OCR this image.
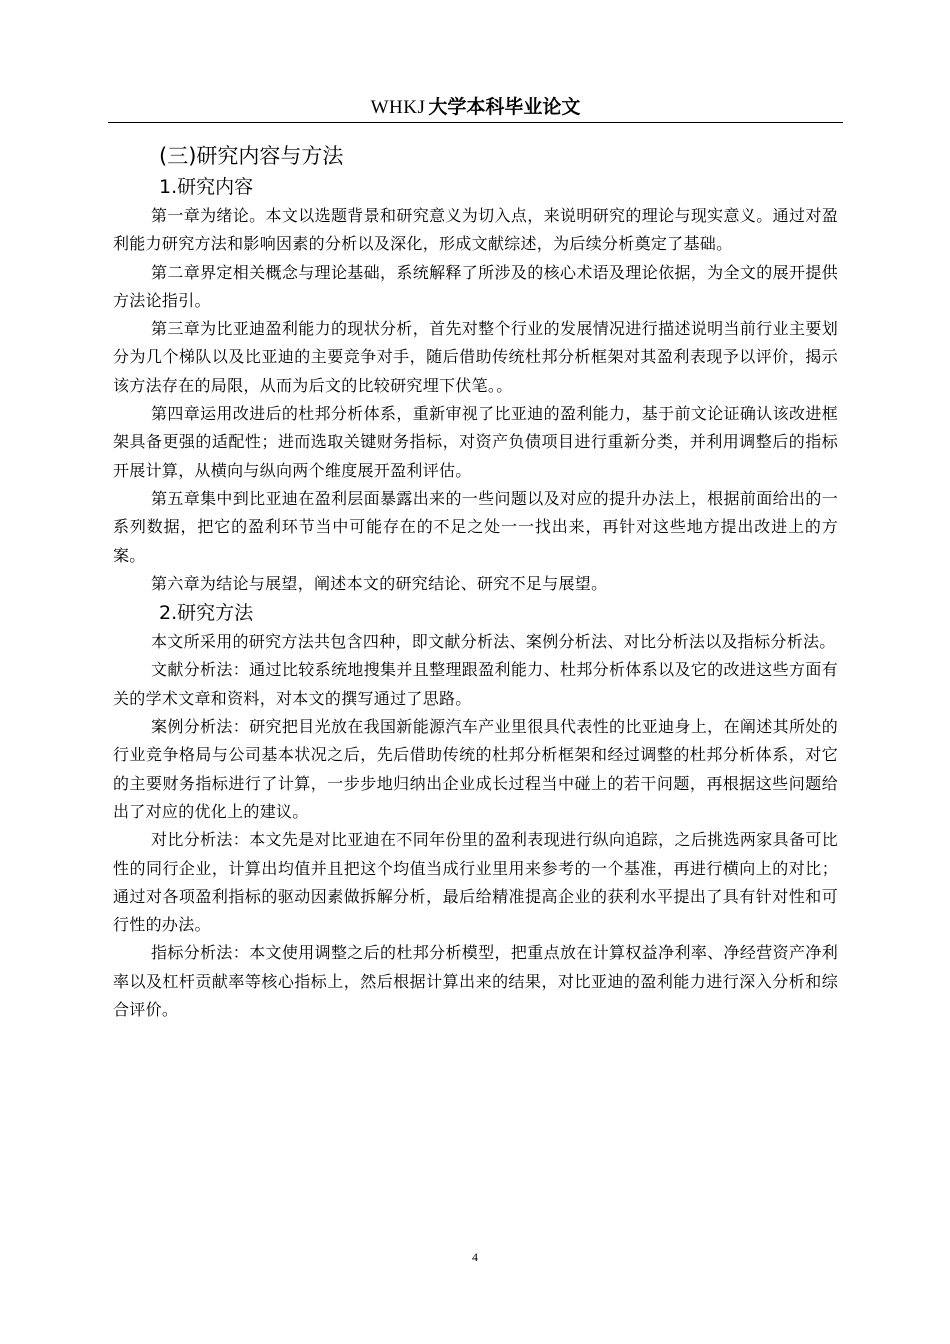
WHKJ 大学本科毕业论文
(三)研究内容与方法
1.研究内容

第一章为绪论。本文以选题背景和研究意义为切入点，来说明研究的理论与现实意义。通过对盈利能力研究方法和影响因素的分析以及深化，形成文献综述，为后续分析奠定了基础。

第二章界定相关概念与理论基础，系统解释了所涉及的核心术语及理论依据，为全文的展开提供方法论指引。

第三章为比亚迪盈利能力的现状分析，首先对整个行业的发展情况进行描述说明当前行业主要划分为几个梯队以及比亚迪的主要竞争对手，随后借助传统杜邦分析框架对其盈利表现予以评价，揭示该方法存在的局限，从而为后文的比较研究埋下伏笔。。

第四章运用改进后的杜邦分析体系，重新审视了比亚迪的盈利能力，基于前文论证确认该改进框架具备更强的适配性；进而选取关键财务指标，对资产负债项目进行重新分类，并利用调整后的指标开展计算，从横向与纵向两个维度展开盈利评估。

第五章集中到比亚迪在盈利层面暴露出来的一些问题以及对应的提升办法上，根据前面给出的一系列数据，把它的盈利环节当中可能存在的不足之处一一找出来，再针对这些地方提出改进上的方案。

第六章为结论与展望，阐述本文的研究结论、研究不足与展望。

2.研究方法

本文所采用的研究方法共包含四种，即文献分析法、案例分析法、对比分析法以及指标分析法。

文献分析法：通过比较系统地搜集并且整理跟盈利能力、杜邦分析体系以及它的改进这些方面有关的学术文章和资料，对本文的撰写通过了思路。

案例分析法：研究把目光放在我国新能源汽车产业里很具代表性的比亚迪身上，在阐述其所处的行业竞争格局与公司基本状况之后，先后借助传统的杜邦分析框架和经过调整的杜邦分析体系，对它的主要财务指标进行了计算，一步步地归纳出企业成长过程当中碰上的若干问题，再根据这些问题给出了对应的优化上的建议。

对比分析法：本文先是对比亚迪在不同年份里的盈利表现进行纵向追踪，之后挑选两家具备可比性的同行企业，计算出均值并且把这个均值当成行业里用来参考的一个基准，再进行横向上的对比；通过对各项盈利指标的驱动因素做拆解分析，最后给精准提高企业的获利水平提出了具有针对性和可行性的办法。

指标分析法：本文使用调整之后的杜邦分析模型，把重点放在计算权益净利率、净经营资产净利率以及杠杆贡献率等核心指标上，然后根据计算出来的结果，对比亚迪的盈利能力进行深入分析和综合评价。

4
